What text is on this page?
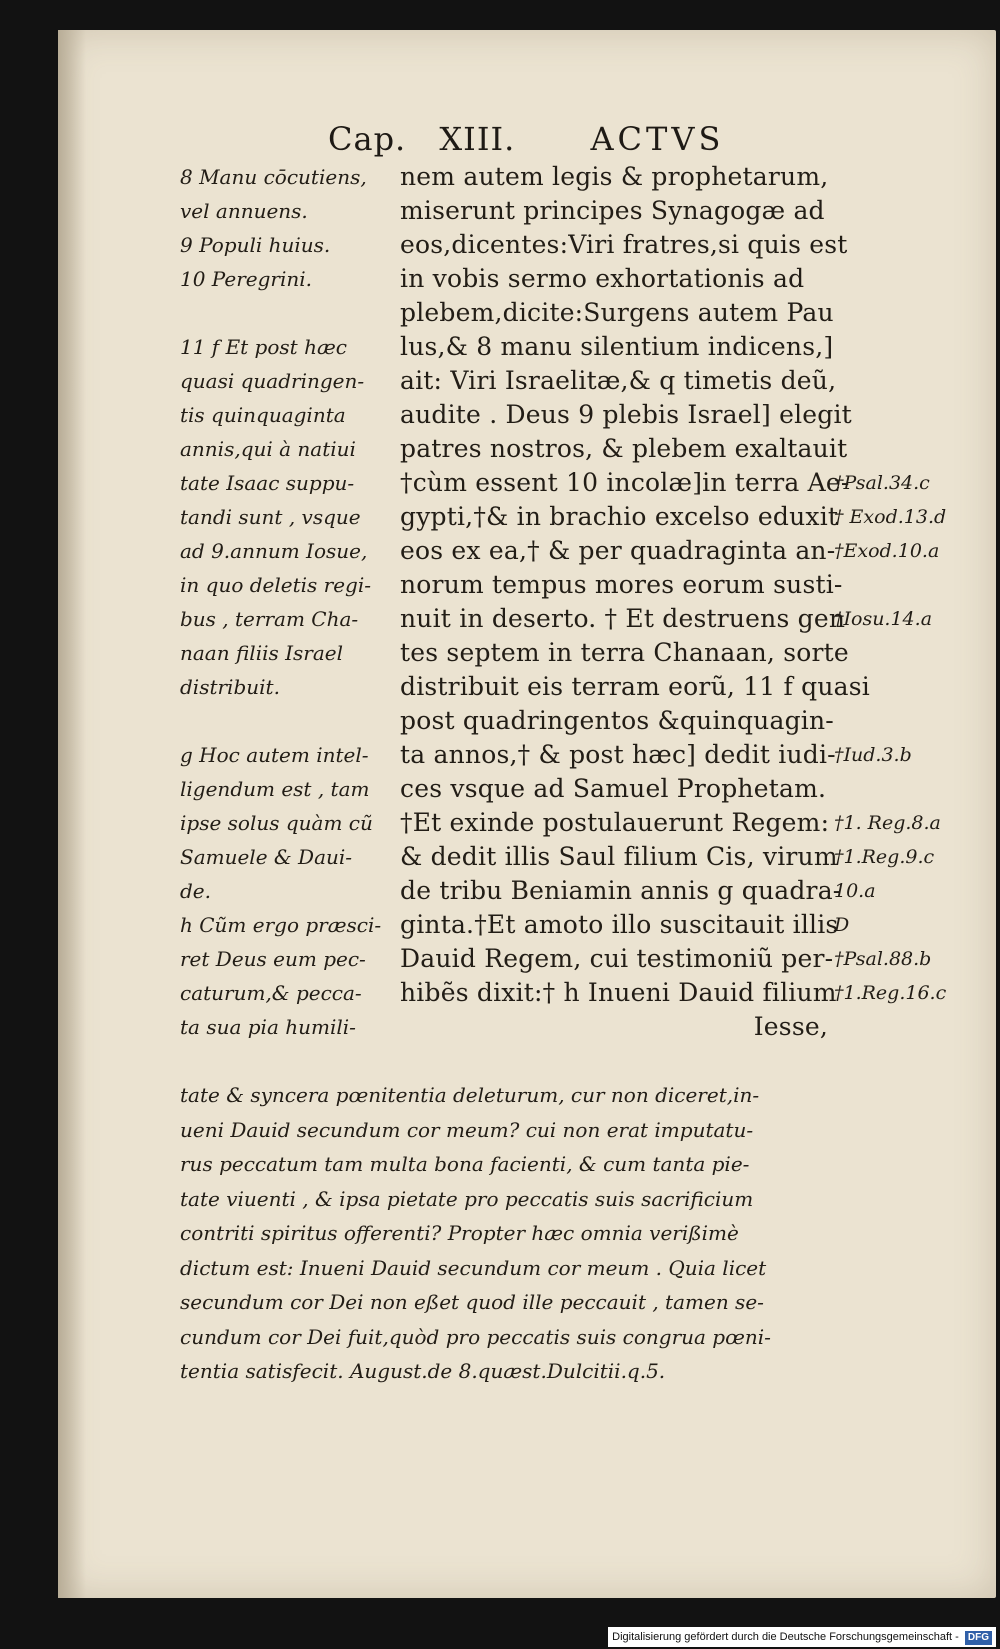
Cap. XIII. ACTVS
8 Manu cōcutiens,
vel annuens.
9 Populi huius.
10 Peregrini.
11 f Et post hæc
quasi quadringen-
tis quinquaginta
annis,qui à natiui
tate Isaac suppu-
tandi sunt , vsque
ad 9.annum Iosue,
in quo deletis regi-
bus , terram Cha-
naan filiis Israel
distribuit.
g Hoc autem intel-
ligendum est , tam
ipse solus quàm cũ
Samuele & Daui-
de.
h Cũm ergo præsci-
ret Deus eum pec-
caturum,& pecca-
ta sua pia humili-
nem autem legis & prophetarum,
miserunt principes Synagogæ ad
eos,dicentes:Viri fratres,si quis est
in vobis sermo exhortationis ad
plebem,dicite:Surgens autem Pau
lus,& 8 manu silentium indicens,]
ait: Viri Israelitæ,& q timetis deũ,
audite . Deus 9 plebis Israel] elegit
patres nostros, & plebem exaltauit
†cùm essent 10 incolæ]in terra Ae-
gypti,†& in brachio excelso eduxit
eos ex ea,† & per quadraginta an-
norum tempus mores eorum susti-
nuit in deserto. † Et destruens gen
tes septem in terra Chanaan, sorte
distribuit eis terram eorũ, 11 f quasi
post quadringentos &quinquagin-
ta annos,† & post hæc] dedit iudi-
ces vsque ad Samuel Prophetam.
†Et exinde postulauerunt Regem:
& dedit illis Saul filium Cis, virum
de tribu Beniamin annis g quadra-
ginta.†Et amoto illo suscitauit illis
Dauid Regem, cui testimoniũ per-
hibẽs dixit:† h Inueni Dauid filium
Iesse,
†Psal.34.c
† Exod.13.d
†Exod.10.a
†Iosu.14.a
†Iud.3.b
†1. Reg.8.a
†1.Reg.9.c
10.a
D
†Psal.88.b
†1.Reg.16.c
tate & syncera pœnitentia deleturum, cur non diceret,in-
ueni Dauid secundum cor meum? cui non erat imputatu-
rus peccatum tam multa bona facienti, & cum tanta pie-
tate viuenti , & ipsa pietate pro peccatis suis sacrificium
contriti spiritus offerenti? Propter hæc omnia verißimè
dictum est: Inueni Dauid secundum cor meum . Quia licet
secundum cor Dei non eßet quod ille peccauit , tamen se-
cundum cor Dei fuit,quòd pro peccatis suis congrua pœni-
tentia satisfecit. August.de 8.quæst.Dulcitii.q.5.
Digitalisierung gefördert durch die Deutsche Forschungsgemeinschaft - DFG
